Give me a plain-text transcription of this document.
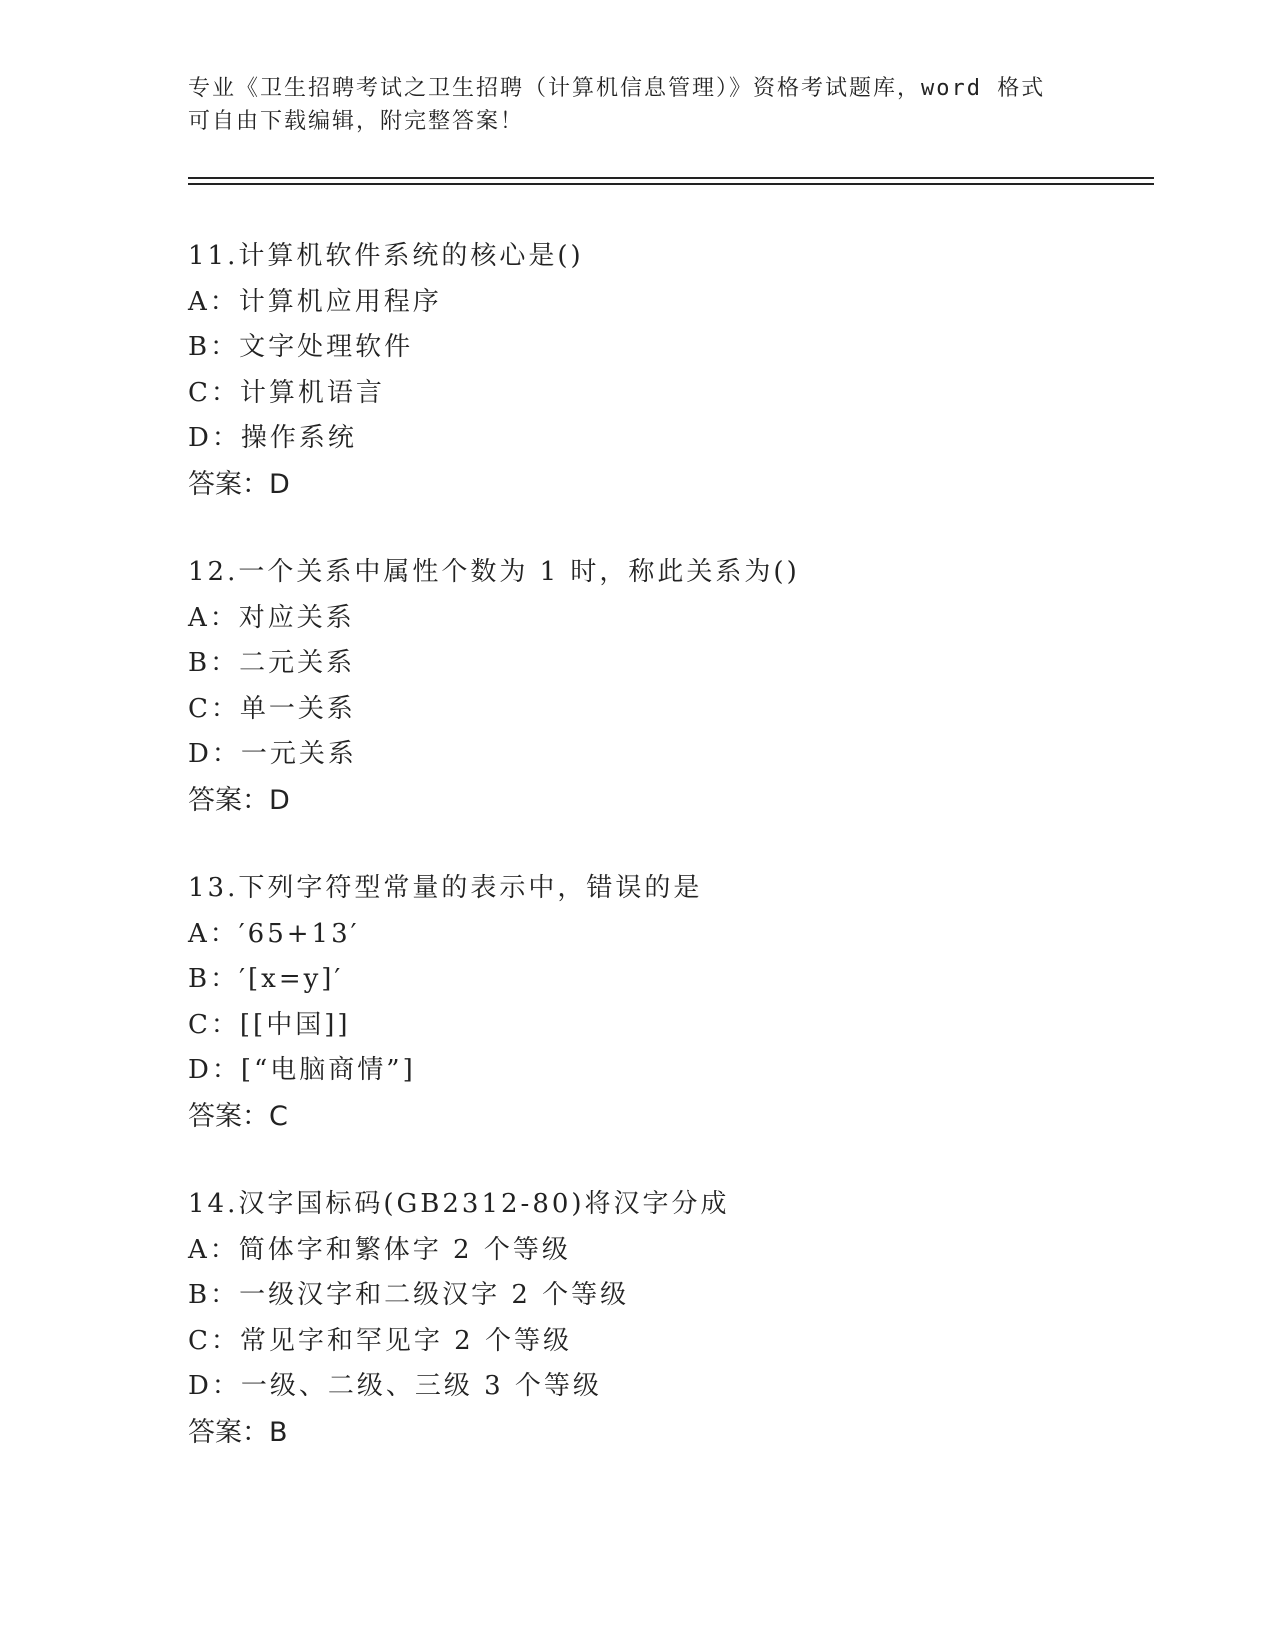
专业《卫生招聘考试之卫生招聘（计算机信息管理）》资格考试题库，word 格式
可自由下载编辑，附完整答案！
11.计算机软件系统的核心是()
A：计算机应用程序
B：文字处理软件
C：计算机语言
D：操作系统
答案：D
12.一个关系中属性个数为 1 时，称此关系为()
A：对应关系
B：二元关系
C：单一关系
D：一元关系
答案：D
13.下列字符型常量的表示中，错误的是
A：′65+13′
B：′[x=y]′
C：[[中国]]
D：[“电脑商情”]
答案：C
14.汉字国标码(GB2312-80)将汉字分成
A：简体字和繁体字 2 个等级
B：一级汉字和二级汉字 2 个等级
C：常见字和罕见字 2 个等级
D：一级、二级、三级 3 个等级
答案：B
